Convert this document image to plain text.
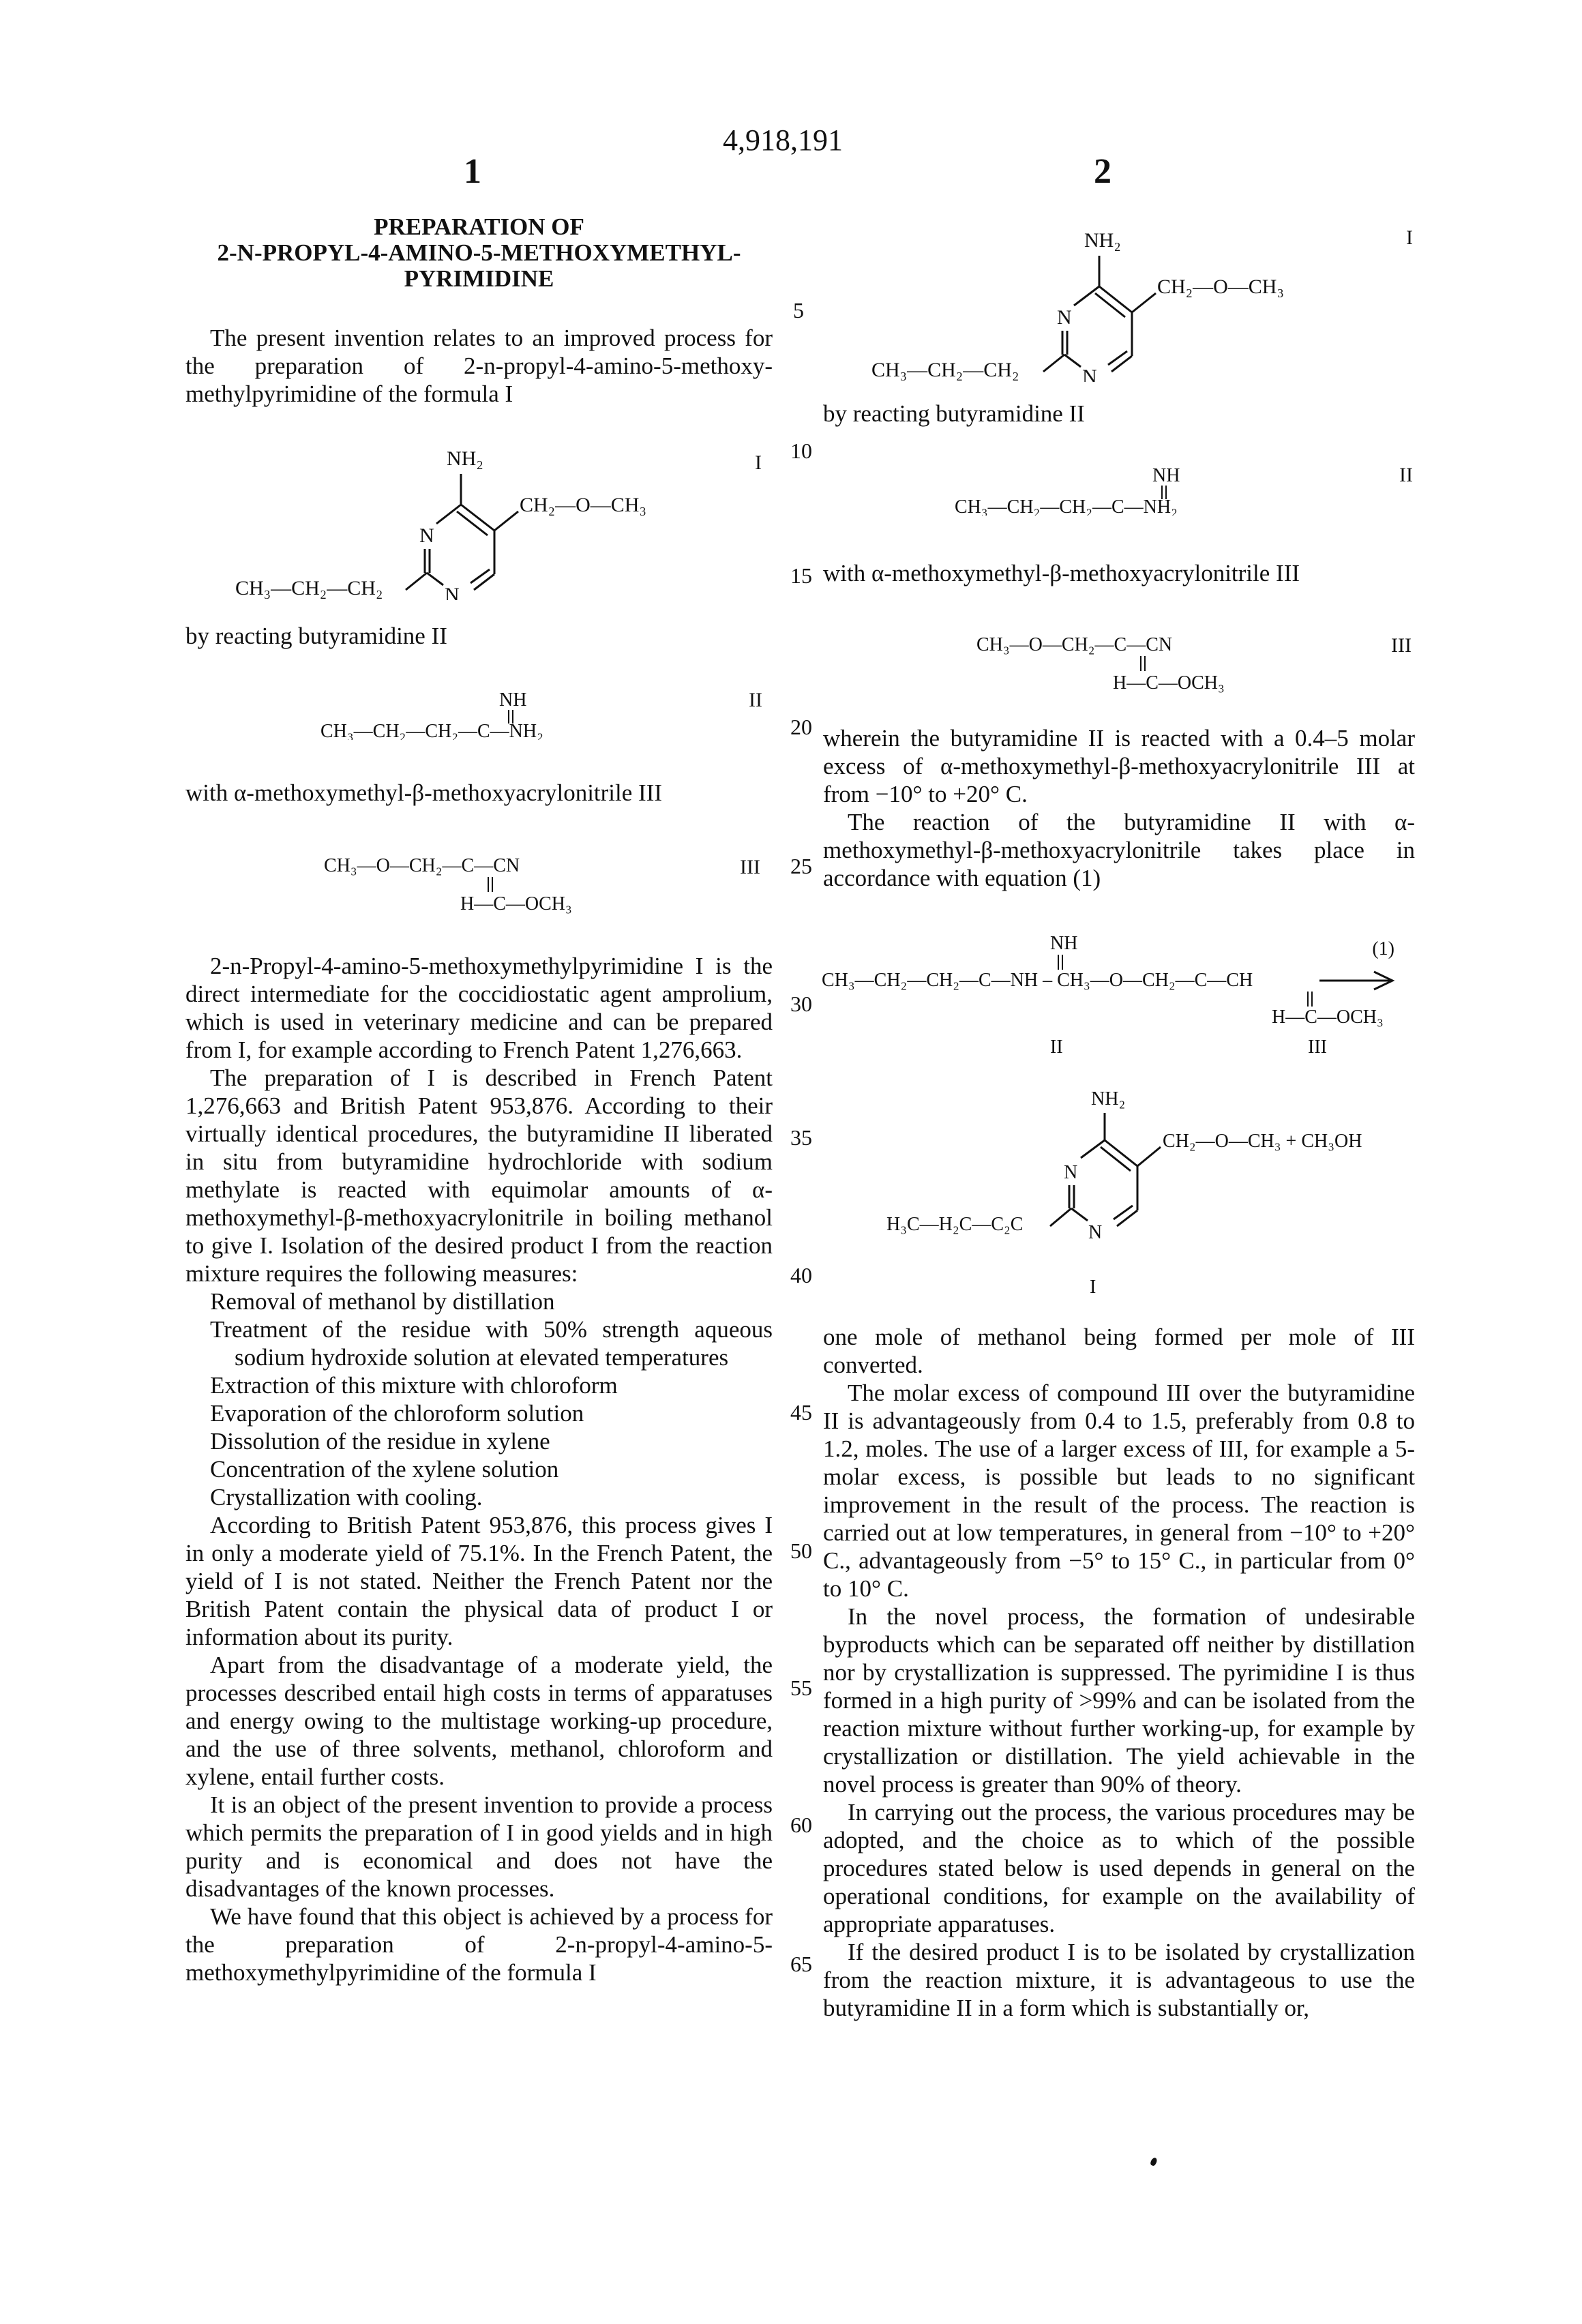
4,918,191
1	2
PREPARATION OF
2-N-PROPYL-4-AMINO-5-METHOXYMETHYL-
PYRIMIDINE
5
10
15
20
25
30
35
40
45
50
55
60
65

The present invention relates to an improved process for the preparation of 2-n-propyl-4-amino-5-methoxy-methylpyrimidine of the formula I

NH₂
CH₂—O—CH₃
N
N
CH₃—CH₂—CH₂
I

by reacting butyramidine II

NH
CH₃—CH₂—CH₂—C—NH₂
II

with α-methoxymethyl-β-methoxyacrylonitrile III

CH₃—O—CH₂—C—CN
H—C—OCH₃
III

2-n-Propyl-4-amino-5-methoxymethylpyrimidine I is the direct intermediate for the coccidiostatic agent amprolium, which is used in veterinary medicine and can be prepared from I, for example according to French Patent 1,276,663.

The preparation of I is described in French Patent 1,276,663 and British Patent 953,876. According to their virtually identical procedures, the butyramidine II liberated in situ from butyramidine hydrochloride with sodium methylate is reacted with equimolar amounts of α-methoxymethyl-β-methoxyacrylonitrile in boiling methanol to give I. Isolation of the desired product I from the reaction mixture requires the following measures:

Removal of methanol by distillation
Treatment of the residue with 50% strength aqueous sodium hydroxide solution at elevated temperatures
Extraction of this mixture with chloroform
Evaporation of the chloroform solution
Dissolution of the residue in xylene
Concentration of the xylene solution
Crystallization with cooling.

According to British Patent 953,876, this process gives I in only a moderate yield of 75.1%. In the French Patent, the yield of I is not stated. Neither the French Patent nor the British Patent contain the physical data of product I or information about its purity.

Apart from the disadvantage of a moderate yield, the processes described entail high costs in terms of apparatuses and energy owing to the multistage working-up procedure, and the use of three solvents, methanol, chloroform and xylene, entail further costs.

It is an object of the present invention to provide a process which permits the preparation of I in good yields and in high purity and is economical and does not have the disadvantages of the known processes.

We have found that this object is achieved by a process for the preparation of 2-n-propyl-4-amino-5-methoxymethylpyrimidine of the formula I

NH₂
CH₂—O—CH₃
N
N
CH₃—CH₂—CH₂
I

by reacting butyramidine II

NH
CH₃—CH₂—CH₂—C—NH₂
II

with α-methoxymethyl-β-methoxyacrylonitrile III

CH₃—O—CH₂—C—CN
H—C—OCH₃
III

wherein the butyramidine II is reacted with a 0.4–5 molar excess of α-methoxymethyl-β-methoxyacrylonitrile III at from −10° to +20° C.

The reaction of the butyramidine II with α-methoxymethyl-β-methoxyacrylonitrile takes place in accordance with equation (1)

(1)
NH
CH₃—CH₂—CH₂—C—NH – CH₃—O—CH₂—C—CH
H—C—OCH₃
II	III
NH₂
CH₂—O—CH₃ + CH₃OH
N
N
H₃C—H₂C—C₂C
I

one mole of methanol being formed per mole of III converted.

The molar excess of compound III over the butyramidine II is advantageously from 0.4 to 1.5, preferably from 0.8 to 1.2, moles. The use of a larger excess of III, for example a 5-molar excess, is possible but leads to no significant improvement in the result of the process. The reaction is carried out at low temperatures, in general from −10° to +20° C., advantageously from −5° to 15° C., in particular from 0° to 10° C.

In the novel process, the formation of undesirable byproducts which can be separated off neither by distillation nor by crystallization is suppressed. The pyrimidine I is thus formed in a high purity of >99% and can be isolated from the reaction mixture without further working-up, for example by crystallization or distillation. The yield achievable in the novel process is greater than 90% of theory.

In carrying out the process, the various procedures may be adopted, and the choice as to which of the possible procedures stated below is used depends in general on the operational conditions, for example on the availability of appropriate apparatuses.

If the desired product I is to be isolated by crystallization from the reaction mixture, it is advantageous to use the butyramidine II in a form which is substantially or,
